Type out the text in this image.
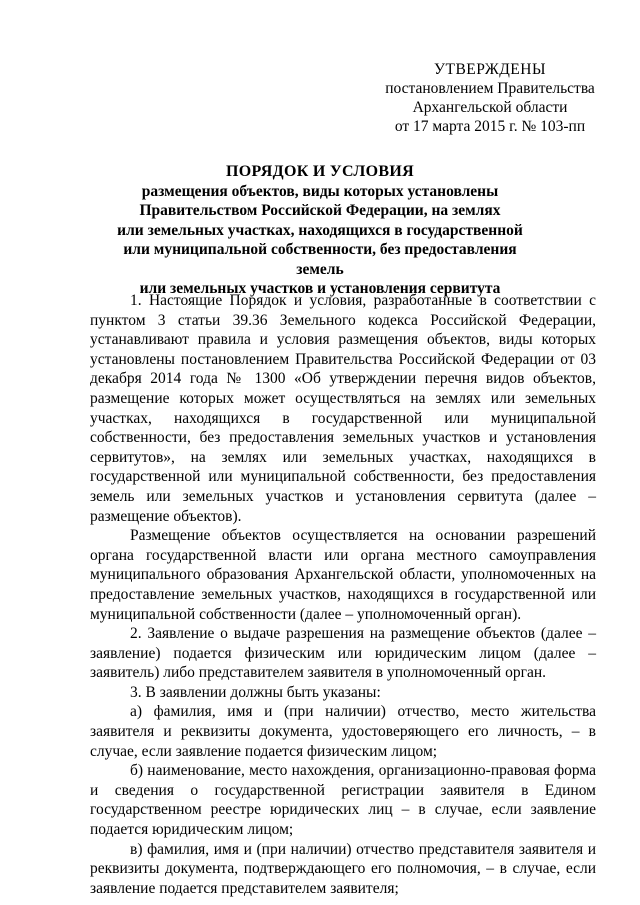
УТВЕРЖДЕНЫ
постановлением Правительства
Архангельской области
от 17 марта 2015 г. № 103-пп
ПОРЯДОК И УСЛОВИЯ
размещения объектов, виды которых установлены
Правительством Российской Федерации, на землях
или земельных участках, находящихся в государственной
или муниципальной собственности, без предоставления земель
или земельных участков и установления сервитута

1. Настоящие Порядок и условия, разработанные в соответствии с пунктом 3 статьи 39.36 Земельного кодекса Российской Федерации, устанавливают правила и условия размещения объектов, виды которых установлены постановлением Правительства Российской Федерации от 03 декабря 2014 года № 1300 «Об утверждении перечня видов объектов, размещение которых может осуществляться на землях или земельных участках, находящихся в государственной или муниципальной собственности, без предоставления земельных участков и установления сервитутов», на землях или земельных участках, находящихся в государственной или муниципальной собственности, без предоставления земель или земельных участков и установления сервитута (далее – размещение объектов).

Размещение объектов осуществляется на основании разрешений органа государственной власти или органа местного самоуправления муниципального образования Архангельской области, уполномоченных на предоставление земельных участков, находящихся в государственной или муниципальной собственности (далее – уполномоченный орган).

2. Заявление о выдаче разрешения на размещение объектов (далее – заявление) подается физическим или юридическим лицом (далее – заявитель) либо представителем заявителя в уполномоченный орган.

3. В заявлении должны быть указаны:

а) фамилия, имя и (при наличии) отчество, место жительства заявителя и реквизиты документа, удостоверяющего его личность, – в случае, если заявление подается физическим лицом;

б) наименование, место нахождения, организационно-правовая форма и сведения о государственной регистрации заявителя в Едином государственном реестре юридических лиц – в случае, если заявление подается юридическим лицом;

в) фамилия, имя и (при наличии) отчество представителя заявителя и реквизиты документа, подтверждающего его полномочия, – в случае, если заявление подается представителем заявителя;
